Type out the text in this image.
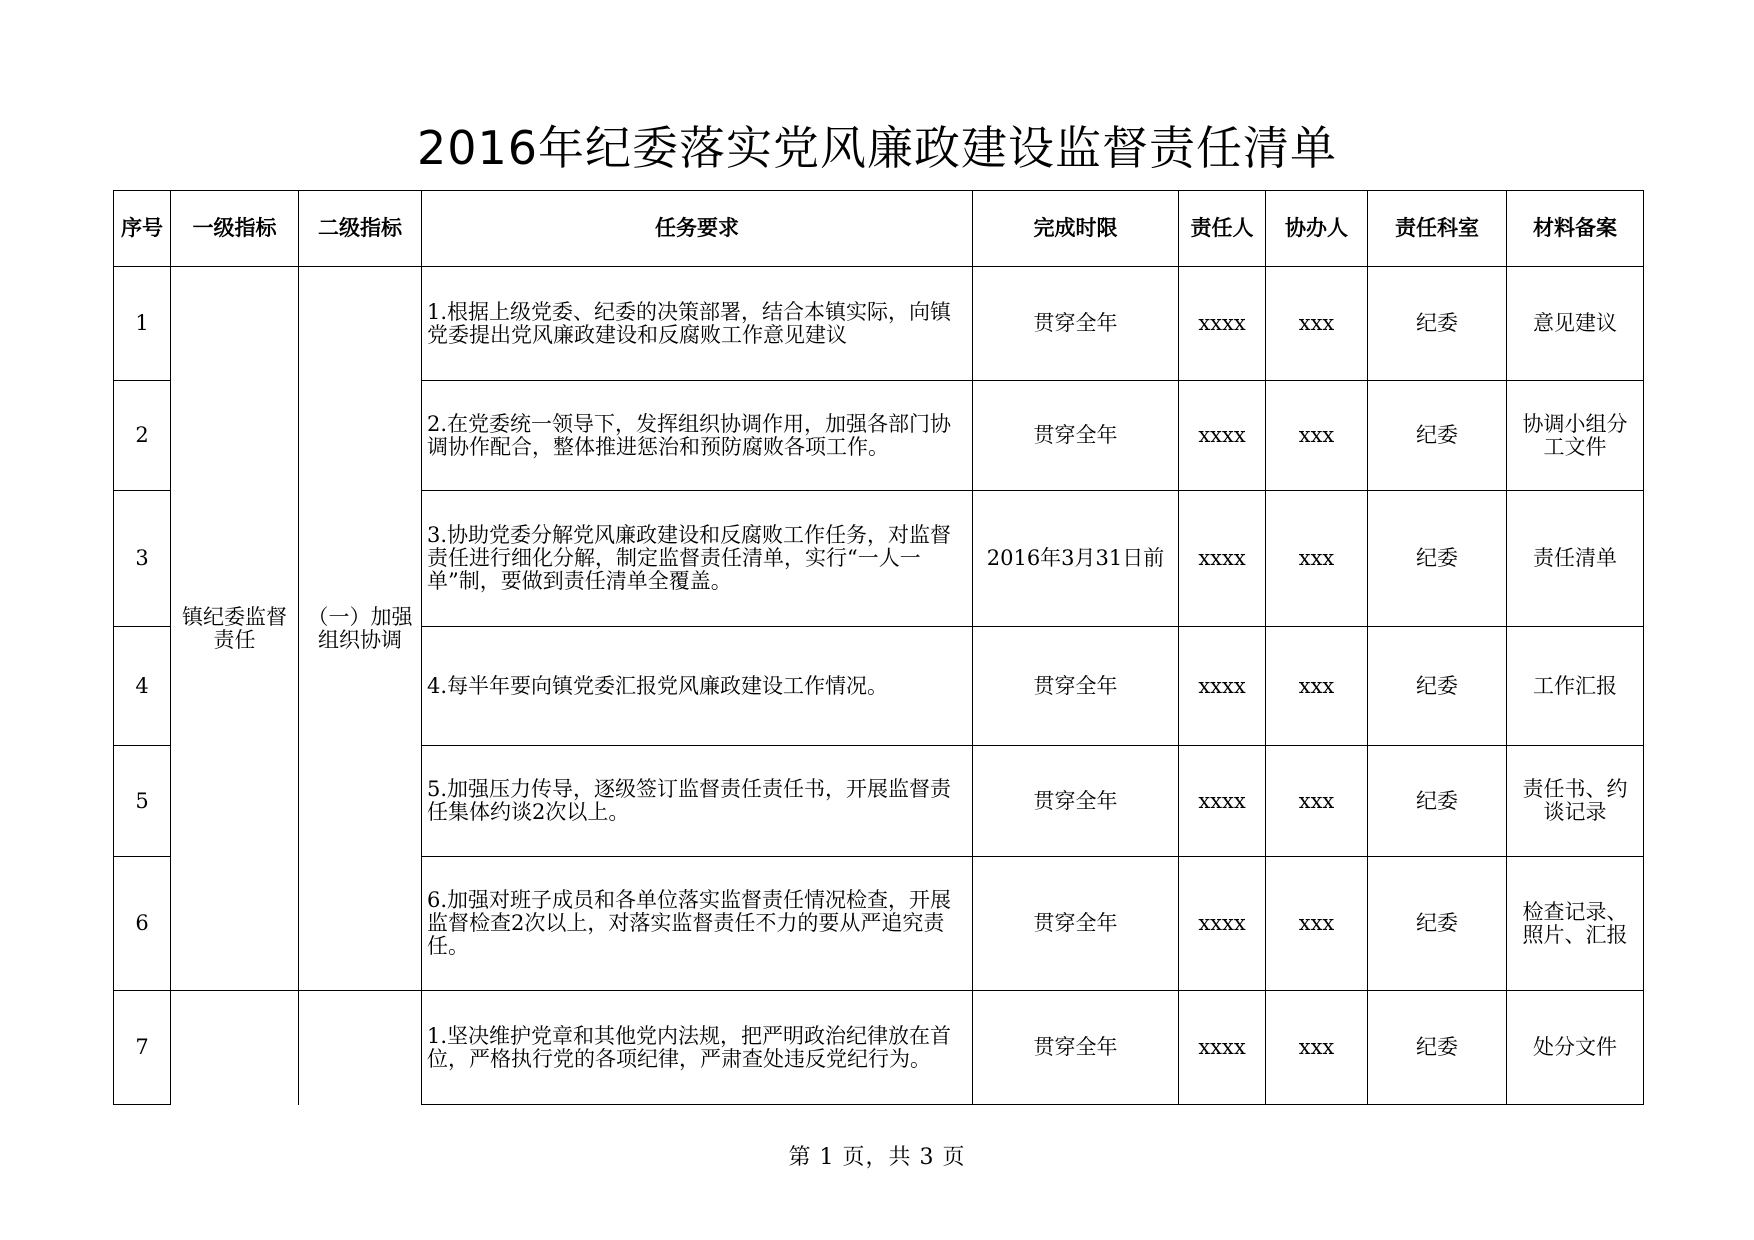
2016年纪委落实党风廉政建设监督责任清单
序号	一级指标	二级指标	任务要求	完成时限	责任人	协办人	责任科室	材料备案
1	镇纪委监督责任	（一）加强组织协调	1.根据上级党委、纪委的决策部署，结合本镇实际，向镇党委提出党风廉政建设和反腐败工作意见建议	贯穿全年	xxxx	xxx	纪委	意见建议
2			2.在党委统一领导下，发挥组织协调作用，加强各部门协调协作配合，整体推进惩治和预防腐败各项工作。	贯穿全年	xxxx	xxx	纪委	协调小组分工文件
3			3.协助党委分解党风廉政建设和反腐败工作任务，对监督责任进行细化分解，制定监督责任清单，实行“一人一单”制，要做到责任清单全覆盖。	2016年3月31日前	xxxx	xxx	纪委	责任清单
4			4.每半年要向镇党委汇报党风廉政建设工作情况。	贯穿全年	xxxx	xxx	纪委	工作汇报
5			5.加强压力传导，逐级签订监督责任责任书，开展监督责任集体约谈2次以上。	贯穿全年	xxxx	xxx	纪委	责任书、约谈记录
6			6.加强对班子成员和各单位落实监督责任情况检查，开展监督检查2次以上，对落实监督责任不力的要从严追究责任。	贯穿全年	xxxx	xxx	纪委	检查记录、照片、汇报
7			1.坚决维护党章和其他党内法规，把严明政治纪律放在首位，严格执行党的各项纪律，严肃查处违反党纪行为。	贯穿全年	xxxx	xxx	纪委	处分文件
第 1 页，共 3 页
